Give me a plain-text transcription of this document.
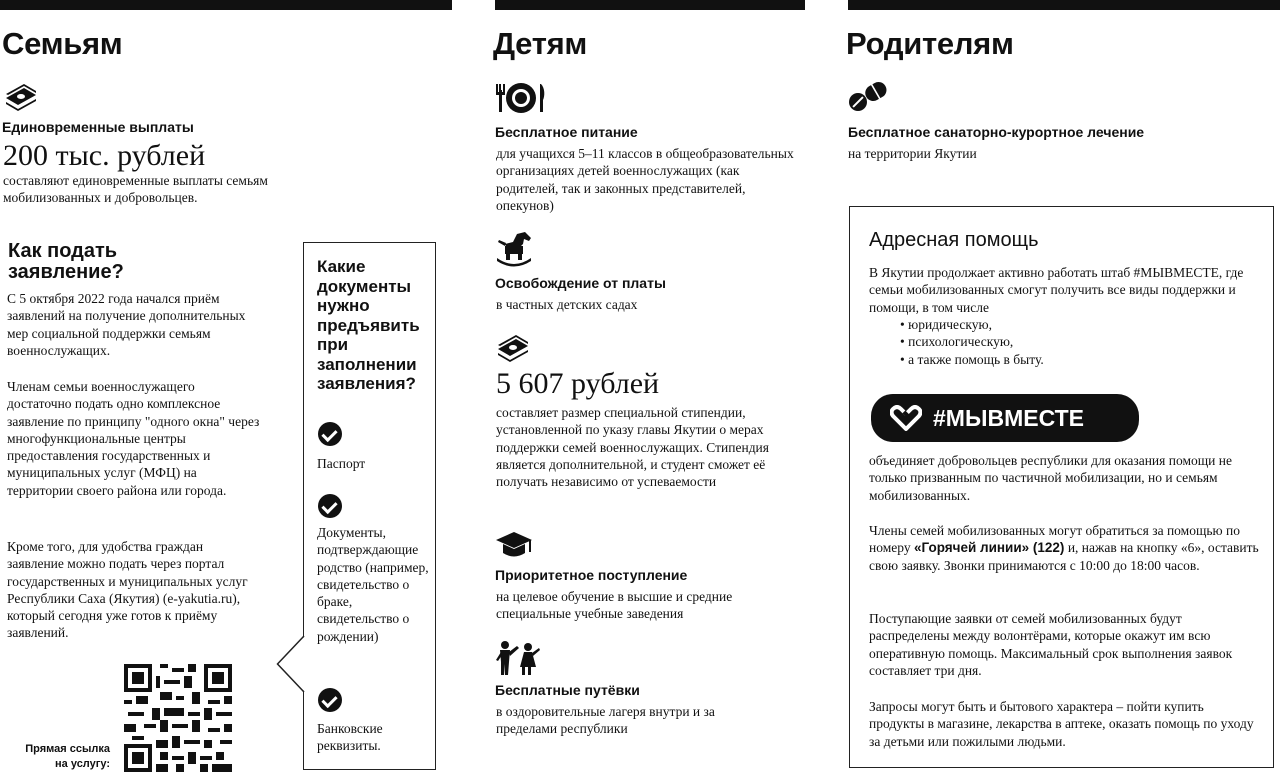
Семьям
Единовременные выплаты
200 тыс. рублей
составляют единовременные выплаты семьям мобилизованных и добровольцев.
Как подать заявление?
С 5 октября 2022 года начался приём заявлений на получение дополнительных мер социальной поддержки семьям военнослужащих.
Членам семьи военнослужащего достаточно подать одно комплексное заявление по принципу "одного окна" через многофункциональные центры предоставления государственных и муниципальных услуг (МФЦ) на территории своего района или города.
Кроме того, для удобства граждан заявление можно подать через портал государственных и муниципальных услуг Республики Саха (Якутия) (e-yakutia.ru), который сегодня уже готов к приёму заявлений.
Прямая ссылка на услугу:
Какие документы нужно предъявить при заполнении заявления?
Паспорт
Документы, подтверждающие родство (например, свидетельство о браке, свидетельство о рождении)
Банковские реквизиты.
Детям
Бесплатное питание
для учащихся 5–11 классов в общеобразовательных организациях детей военнослужащих (как родителей, так и законных представителей, опекунов)
Освобождение от платы
в частных детских садах
5 607 рублей
составляет размер специальной стипендии, установленной по указу главы Якутии о мерах поддержки семей военнослужащих. Стипендия является дополнительной, и студент сможет её получать независимо от успеваемости
Приоритетное поступление
на целевое обучение в высшие и средние специальные учебные заведения
Бесплатные путёвки
в оздоровительные лагеря внутри и за пределами республики
Родителям
Бесплатное санаторно-курортное лечение
на территории Якутии
Адресная помощь
В Якутии продолжает активно работать штаб #МЫВМЕСТЕ, где семьи мобилизованных смогут получить все виды поддержки и помощи, в том числе
• юридическую,
• психологическую,
• а также помощь в быту.
#МЫВМЕСТЕ
объединяет добровольцев республики для оказания помощи не только призванным по частичной мобилизации, но и семьям мобилизованных.
Члены семей мобилизованных могут обратиться за помощью по номеру «Горячей линии» (122) и, нажав на кнопку «6», оставить свою заявку. Звонки принимаются с 10:00 до 18:00 часов.
Поступающие заявки от семей мобилизованных будут распределены между волонтёрами, которые окажут им всю оперативную помощь. Максимальный срок выполнения заявок составляет три дня.
Запросы могут быть и бытового характера – пойти купить продукты в магазине, лекарства в аптеке, оказать помощь по уходу за детьми или пожилыми людьми.
